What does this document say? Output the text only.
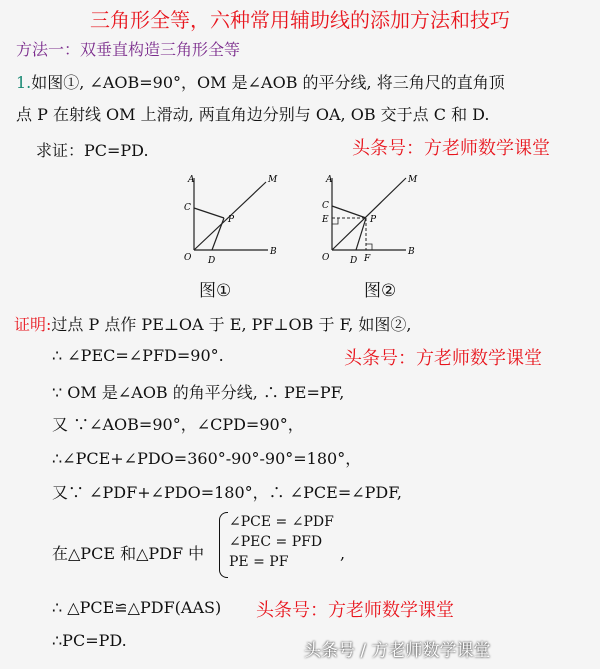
三角形全等，六种常用辅助线的添加方法和技巧
方法一：双垂直构造三角形全等
1.如图①, ∠AOB=90°，OM 是∠AOB 的平分线, 将三角尺的直角顶
点 P 在射线 OM 上滑动, 两直角边分别与 OA, OB 交于点 C 和 D.
求证：PC=PD.	头条号：方老师数学课堂
A	M
C
P
O D
B
A	M
C
E	P
O D F
B
图①	图②
证明:过点 P 点作 PE⊥OA 于 E, PF⊥OB 于 F, 如图②,
∴ ∠PEC=∠PFD=90°.	头条号：方老师数学课堂
∵ OM 是∠AOB 的角平分线, ∴ PE=PF,
又 ∵∠AOB=90°，∠CPD=90°，
∴∠PCE+∠PDO=360°-90°-90°=180°，
又∵ ∠PDF+∠PDO=180°，∴ ∠PCE=∠PDF,
在△PCE 和△PDF 中
∠PCE = ∠PDF
∠PEC = PFD
PE = PF	,
∴ △PCE≌△PDF(AAS) 头条号：方老师数学课堂
∴PC=PD.
头条号 / 方老师数学课堂
